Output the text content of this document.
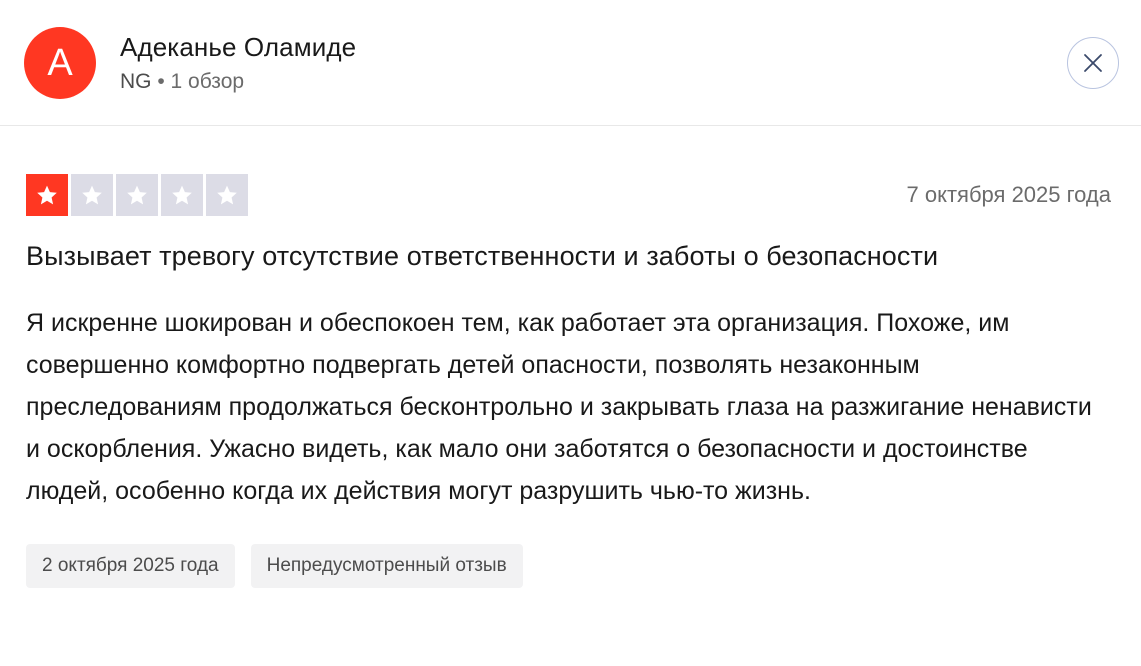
A	Адеканье Оламиде
NG • 1 обзор
7 октября 2025 года
Вызывает тревогу отсутствие ответственности и заботы о безопасности

Я искренне шокирован и обеспокоен тем, как работает эта организация. Похоже, им совершенно комфортно подвергать детей опасности, позволять незаконным преследованиям продолжаться бесконтрольно и закрывать глаза на разжигание ненависти и оскорбления. Ужасно видеть, как мало они заботятся о безопасности и достоинстве людей, особенно когда их действия могут разрушить чью-то жизнь.

2 октября 2025 года	Непредусмотренный отзыв
